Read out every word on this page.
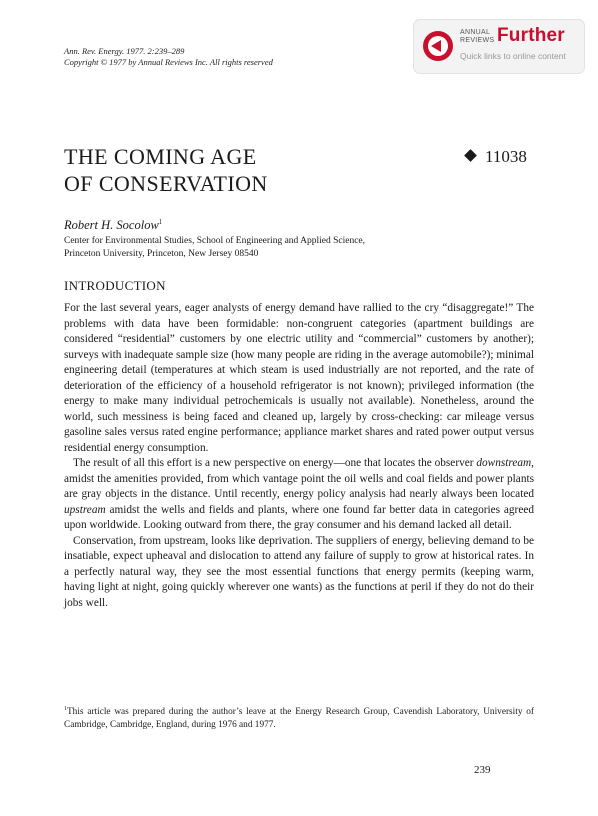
Ann. Rev. Energy. 1977. 2:239–289
Copyright © 1977 by Annual Reviews Inc. All rights reserved
ANNUAL
REVIEWS Further
Quick links to online content
THE COMING AGE
OF CONSERVATION
11038
Robert H. Socolow$^1$
Center for Environmental Studies, School of Engineering and Applied Science,
Princeton University, Princeton, New Jersey 08540
INTRODUCTION

For the last several years, eager analysts of energy demand have rallied to the cry “disaggregate!” The problems with data have been formidable: non-congruent categories (apartment buildings are considered “residential” customers by one electric utility and “commercial” customers by another); surveys with inadequate sample size (how many people are riding in the average automobile?); minimal engineering detail (temperatures at which steam is used industrially are not reported, and the rate of deterioration of the efficiency of a household refrigerator is not known); privileged information (the energy to make many individual petrochemicals is usually not available). Nonetheless, around the world, such messiness is being faced and cleaned up, largely by cross-checking: car mileage versus gasoline sales versus rated engine performance; appliance market shares and rated power output versus residential energy consumption.

The result of all this effort is a new perspective on energy—one that locates the observer downstream, amidst the amenities provided, from which vantage point the oil wells and coal fields and power plants are gray objects in the distance. Until recently, energy policy analysis had nearly always been located upstream amidst the wells and fields and plants, where one found far better data in categories agreed upon worldwide. Looking outward from there, the gray consumer and his demand lacked all detail.

Conservation, from upstream, looks like deprivation. The suppliers of energy, believing demand to be insatiable, expect upheaval and dislocation to attend any failure of supply to grow at historical rates. In a perfectly natural way, they see the most essential functions that energy permits (keeping warm, having light at night, going quickly wherever one wants) as the functions at peril if they do not do their jobs well.

$^1$This article was prepared during the author’s leave at the Energy Research Group, Cavendish Laboratory, University of Cambridge, Cambridge, England, during 1976 and 1977.
239
